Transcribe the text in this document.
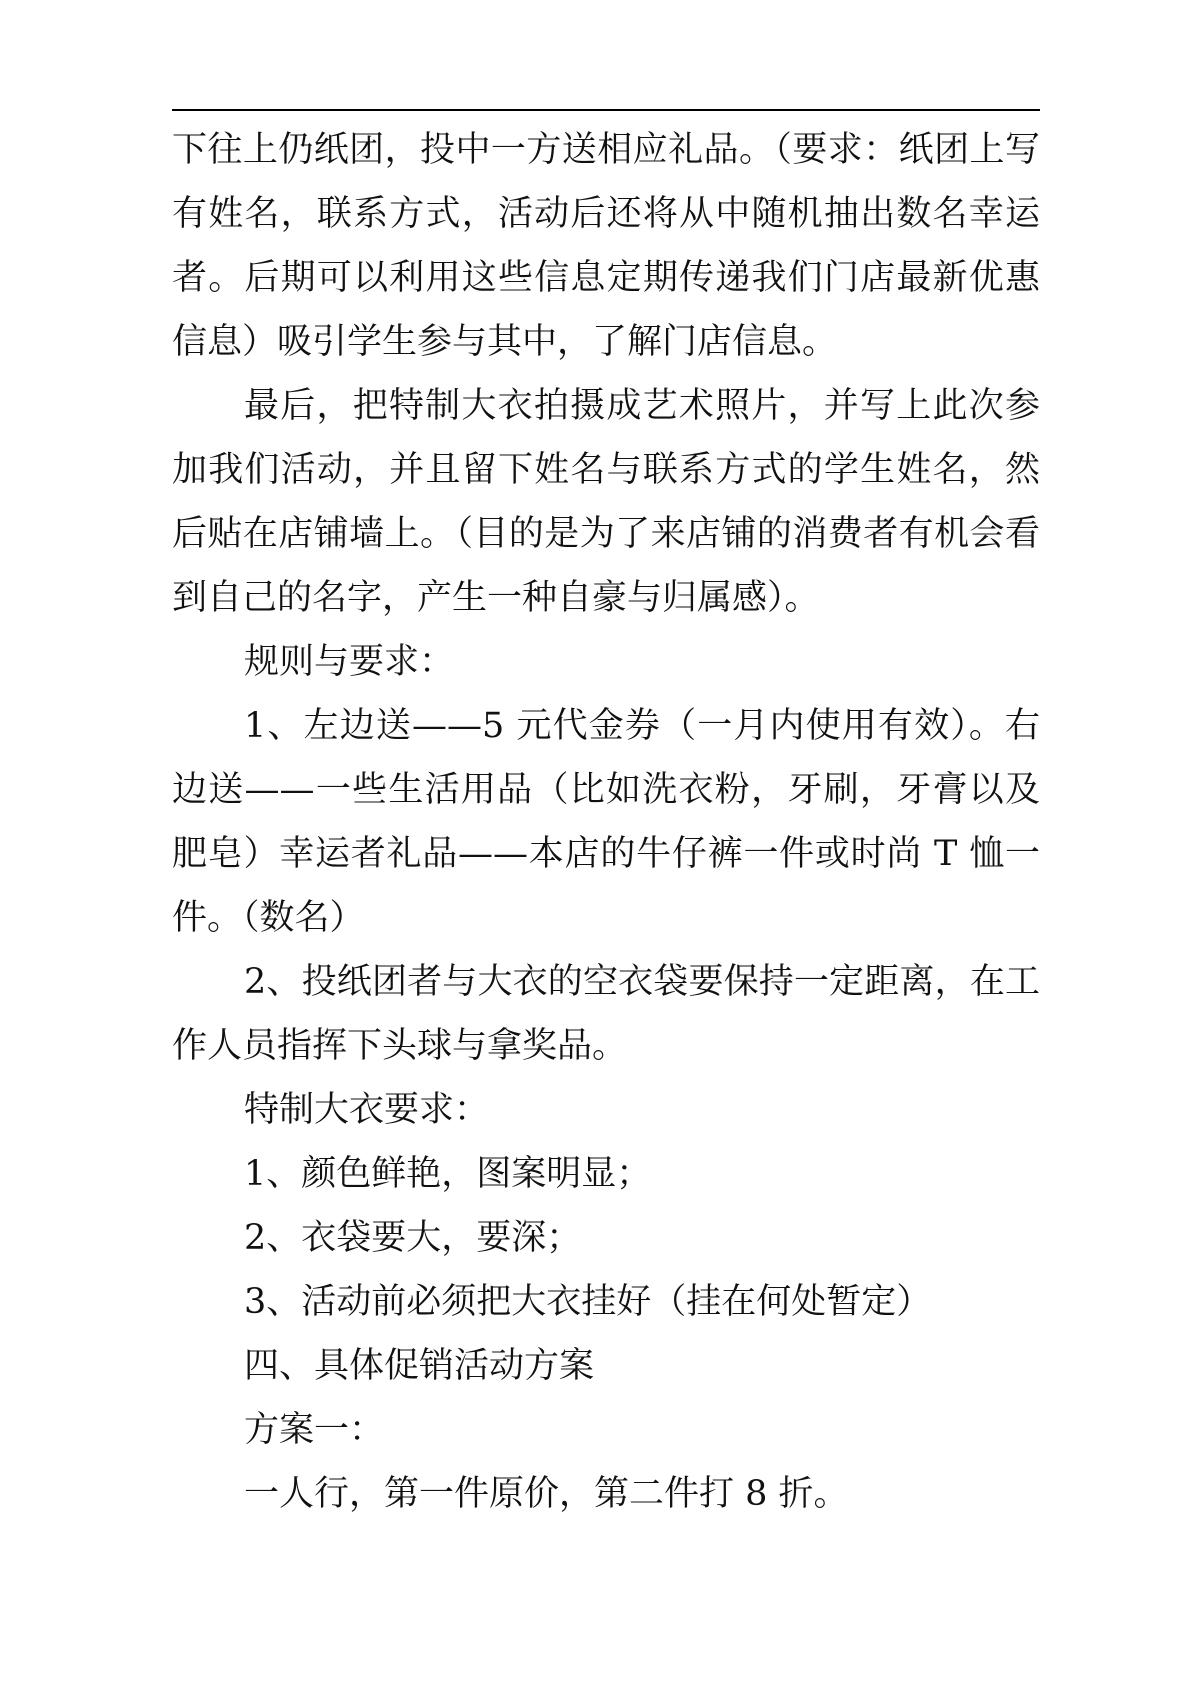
下往上仍纸团，投中一方送相应礼品。（要求：纸团上写有姓名，联系方式，活动后还将从中随机抽出数名幸运者。后期可以利用这些信息定期传递我们门店最新优惠信息）吸引学生参与其中，了解门店信息。

最后，把特制大衣拍摄成艺术照片，并写上此次参加我们活动，并且留下姓名与联系方式的学生姓名，然后贴在店铺墙上。（目的是为了来店铺的消费者有机会看到自己的名字，产生一种自豪与归属感）。

规则与要求：

1、左边送——5 元代金券（一月内使用有效）。右边送——一些生活用品（比如洗衣粉，牙刷，牙膏以及肥皂）幸运者礼品——本店的牛仔裤一件或时尚 T 恤一件。（数名）

2、投纸团者与大衣的空衣袋要保持一定距离，在工作人员指挥下头球与拿奖品。

特制大衣要求：

1、颜色鲜艳，图案明显；

2、衣袋要大，要深；

3、活动前必须把大衣挂好（挂在何处暂定）

四、具体促销活动方案

方案一：

一人行，第一件原价，第二件打 8 折。
